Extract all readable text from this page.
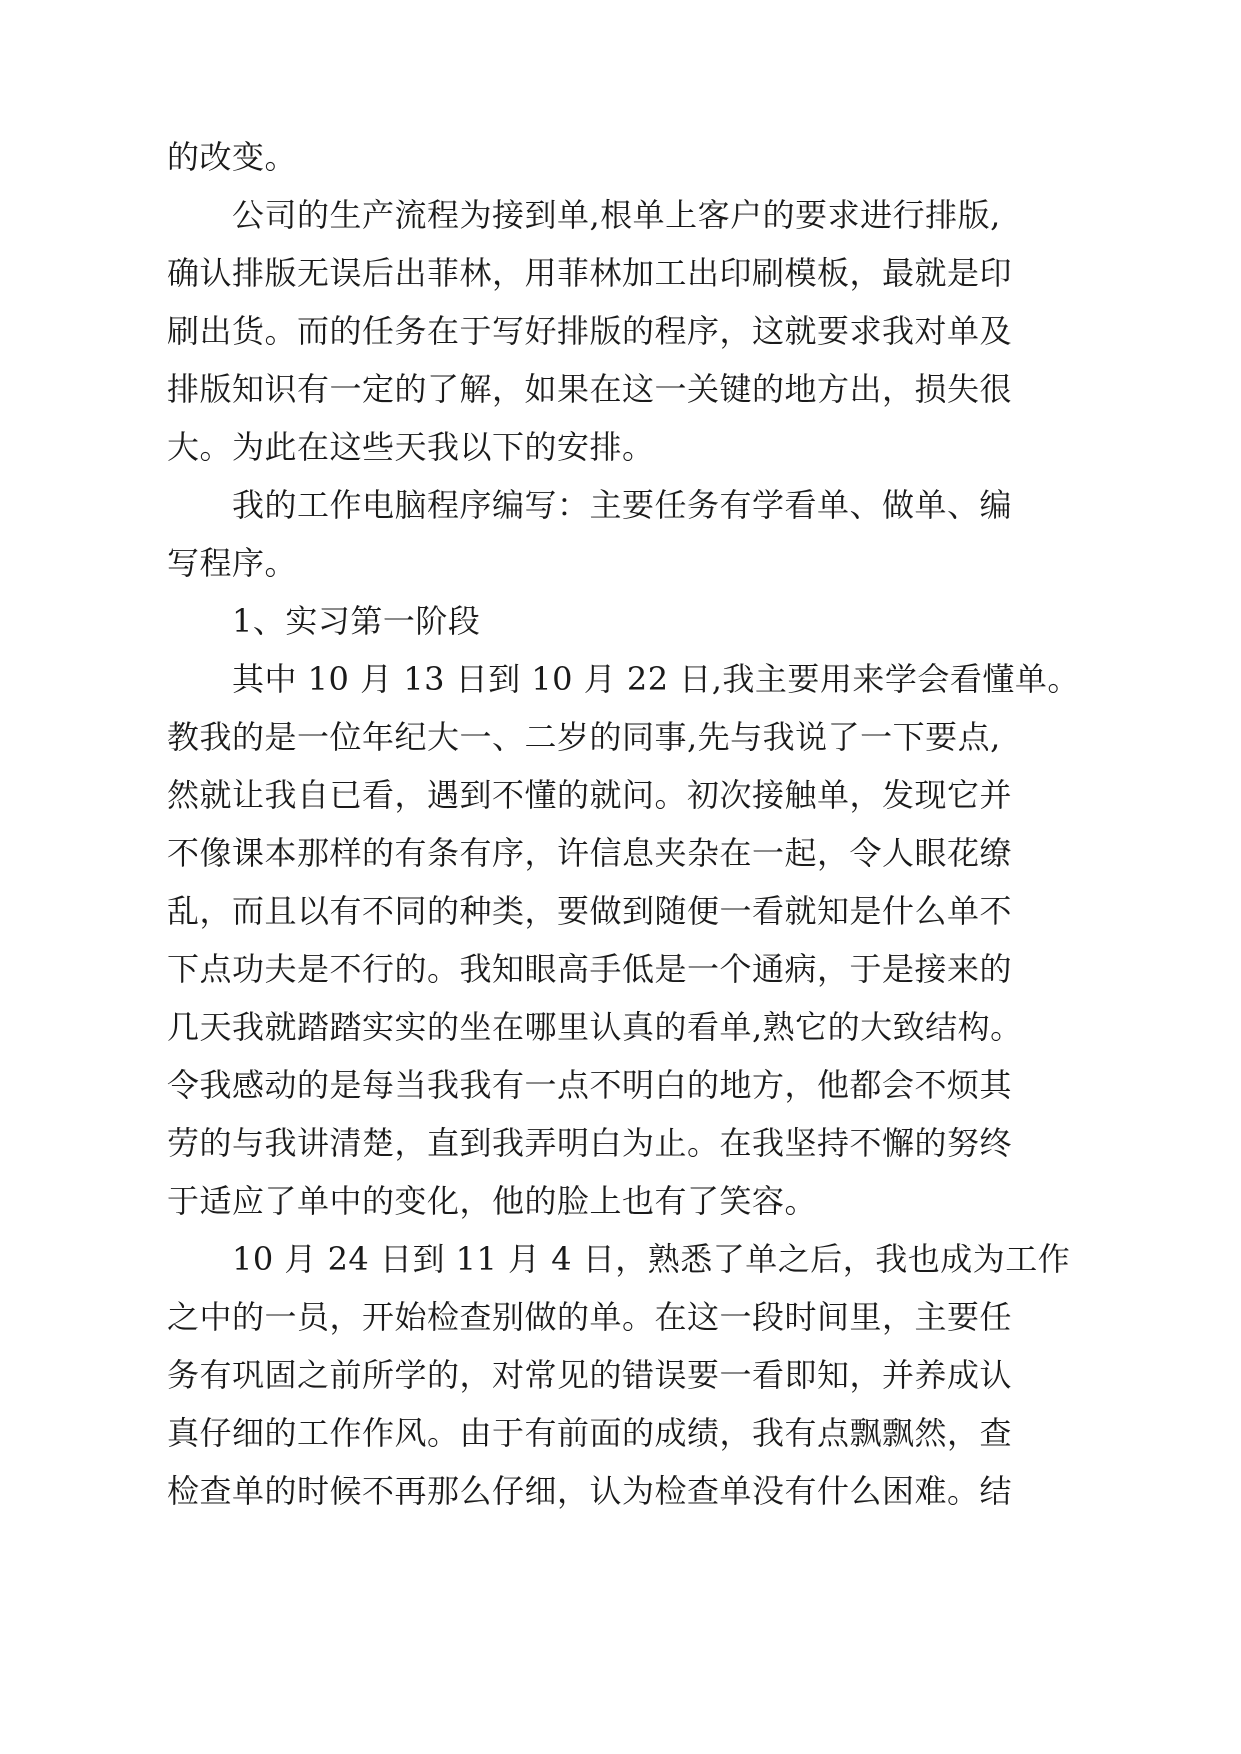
的改变。
公司的生产流程为接到单,根单上客户的要求进行排版,
确认排版无误后出菲林，用菲林加工出印刷模板，最就是印
刷出货。而的任务在于写好排版的程序，这就要求我对单及
排版知识有一定的了解，如果在这一关键的地方出，损失很
大。为此在这些天我以下的安排。
我的工作电脑程序编写：主要任务有学看单、做单、编
写程序。
1、实习第一阶段
其中 10 月 13 日到 10 月 22 日,我主要用来学会看懂单。
教我的是一位年纪大一、二岁的同事,先与我说了一下要点,
然就让我自已看，遇到不懂的就问。初次接触单，发现它并
不像课本那样的有条有序，许信息夹杂在一起，令人眼花缭
乱，而且以有不同的种类，要做到随便一看就知是什么单不
下点功夫是不行的。我知眼高手低是一个通病，于是接来的
几天我就踏踏实实的坐在哪里认真的看单,熟它的大致结构。
令我感动的是每当我我有一点不明白的地方，他都会不烦其
劳的与我讲清楚，直到我弄明白为止。在我坚持不懈的努终
于适应了单中的变化，他的脸上也有了笑容。
10 月 24 日到 11 月 4 日，熟悉了单之后，我也成为工作
之中的一员，开始检查别做的单。在这一段时间里，主要任
务有巩固之前所学的，对常见的错误要一看即知，并养成认
真仔细的工作作风。由于有前面的成绩，我有点飘飘然，查
检查单的时候不再那么仔细，认为检查单没有什么困难。结
